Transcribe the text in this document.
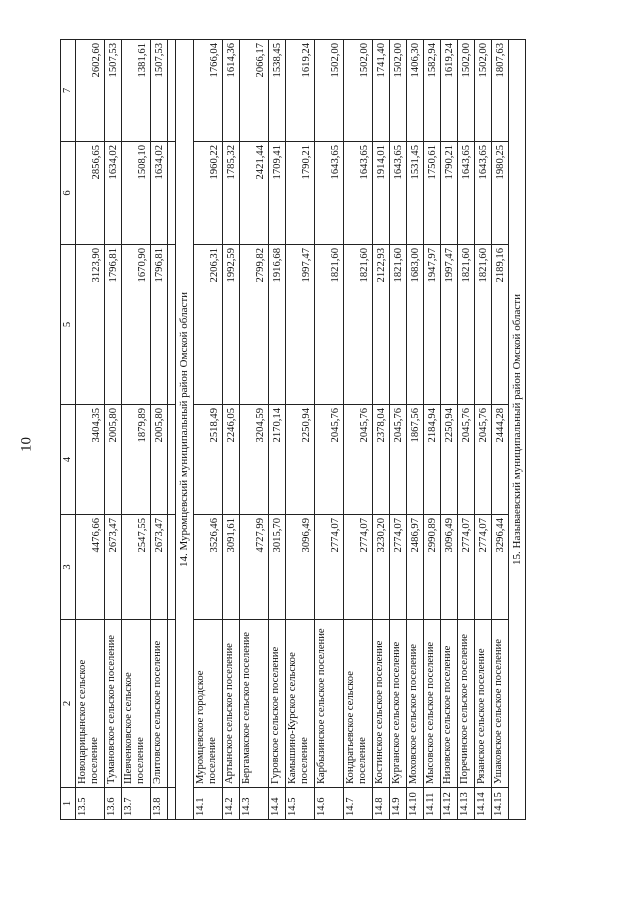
10
1	2	3	4	5	6	7
13.5	Новоцарицынское сельское поселение	4476,66	3404,35	3123,90	2856,65	2602,60
13.6	Тумановское сельское поселение	2673,47	2005,80	1796,81	1634,02	1507,53
13.7	Шевченковское сельское поселение	2547,55	1879,89	1670,90	1508,10	1381,61
13.8	Элитовское сельское поселение	2673,47	2005,80	1796,81	1634,02	1507,53

14. Муромцевский муниципальный район Омской области						
14.1	Муромцевское городское поселение	3526,46	2518,49	2206,31	1960,22	1766,04
14.2	Артынское сельское поселение	3091,61	2246,05	1992,59	1785,32	1614,36
14.3	Бергамакское сельское поселение	4727,99	3204,59	2799,82	2421,44	2066,17
14.4	Гуровское сельское поселение	3015,70	2170,14	1916,68	1709,41	1538,45
14.5	Камышино-Курское сельское поселение	3096,49	2250,94	1997,47	1790,21	1619,24
14.6	Карбызинское сельское поселение	2774,07	2045,76	1821,60	1643,65	1502,00
14.7	Кондратьевское сельское поселение	2774,07	2045,76	1821,60	1643,65	1502,00
14.8	Костинское сельское поселение	3230,20	2378,04	2122,93	1914,01	1741,40
14.9	Курганское сельское поселение	2774,07	2045,76	1821,60	1643,65	1502,00
14.10	Моховское сельское поселение	2486,97	1867,56	1683,00	1531,45	1406,30
14.11	Мысовское сельское поселение	2990,89	2184,94	1947,97	1750,61	1582,94
14.12	Низовское сельское поселение	3096,49	2250,94	1997,47	1790,21	1619,24
14.13	Поречинское сельское поселение	2774,07	2045,76	1821,60	1643,65	1502,00
14.14	Рязанское сельское поселение	2774,07	2045,76	1821,60	1643,65	1502,00
14.15	Ушаковское сельское поселение	3296,44	2444,28	2189,16	1980,25	1807,63
15. Называевский муниципальный район Омской области						
